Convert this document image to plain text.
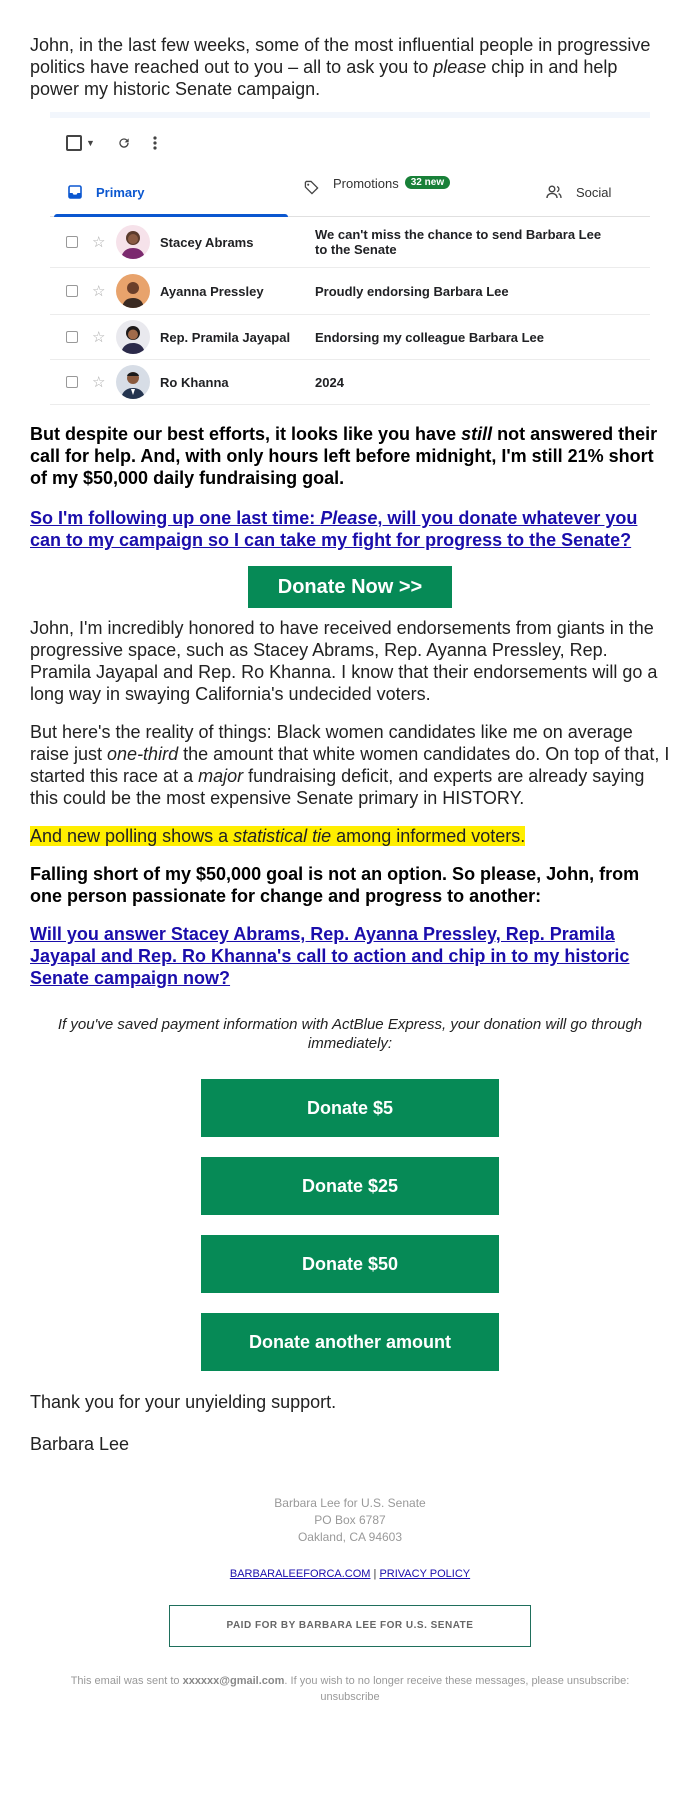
John, in the last few weeks, some of the most influential people in progressive politics have reached out to you – all to ask you to please chip in and help power my historic Senate campaign.

▼
Primary
Promotions	32 new
Social
☆	Stacey Abrams	We can't miss the chance to send Barbara Lee to the Senate
☆	Ayanna Pressley	Proudly endorsing Barbara Lee
☆	Rep. Pramila Jayapal	Endorsing my colleague Barbara Lee
☆	Ro Khanna	2024

But despite our best efforts, it looks like you have still not answered their call for help. And, with only hours left before midnight, I'm still 21% short of my $50,000 daily fundraising goal.

So I'm following up one last time: Please, will you donate whatever you can to my campaign so I can take my fight for progress to the Senate?

Donate Now >>

John, I'm incredibly honored to have received endorsements from giants in the progressive space, such as Stacey Abrams, Rep. Ayanna Pressley, Rep. Pramila Jayapal and Rep. Ro Khanna. I know that their endorsements will go a long way in swaying California's undecided voters.

But here's the reality of things: Black women candidates like me on average raise just one-third the amount that white women candidates do. On top of that, I started this race at a major fundraising deficit, and experts are already saying this could be the most expensive Senate primary in HISTORY.

And new polling shows a statistical tie among informed voters.

Falling short of my $50,000 goal is not an option. So please, John, from one person passionate for change and progress to another:

Will you answer Stacey Abrams, Rep. Ayanna Pressley, Rep. Pramila Jayapal and Rep. Ro Khanna's call to action and chip in to my historic Senate campaign now?

If you've saved payment information with ActBlue Express, your donation will go through immediately:

Donate $5
Donate $25
Donate $50
Donate another amount

Thank you for your unyielding support.

Barbara Lee

Barbara Lee for U.S. Senate

PO Box 6787

Oakland, CA 94603

BARBARALEEFORCA.COM | PRIVACY POLICY

PAID FOR BY BARBARA LEE FOR U.S. SENATE

This email was sent to xxxxxx@gmail.com. If you wish to no longer receive these messages, please unsubscribe:
unsubscribe
